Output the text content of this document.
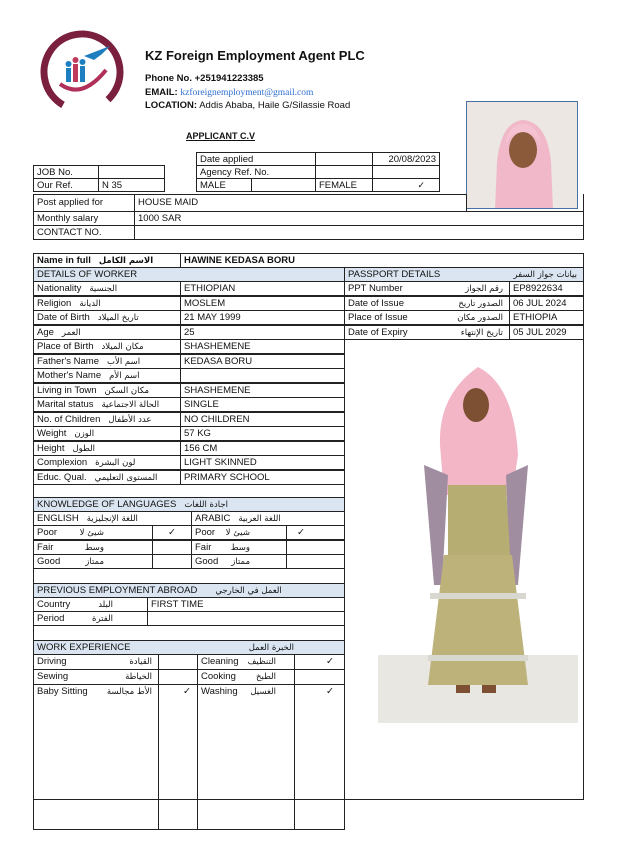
KZ Foreign Employment Agent PLC
Phone No. +251941223385
EMAIL: kzforeignemployment@gmail.com
LOCATION: Addis Ababa, Haile G/Silassie Road
APPLICANT C.V
Date applied	20/08/2023
JOB No.	Agency Ref. No.
Our Ref.	N 35	MALE	FEMALE	✓
Post applied for	HOUSE MAID
Monthly salary	1000 SAR
CONTACT NO.
Name in full الاسم الكامل	HAWINE KEDASA BORU
DETAILS OF WORKER
Nationality الجنسية	ETHIOPIAN
Religion الديانة	MOSLEM
Date of Birth تاريخ الميلاد	21 MAY 1999
Age العمر	25
Place of Birth مكان الميلاد	SHASHEMENE
Father's Name اسم الأب	KEDASA BORU
Mother's Name اسم الأم
Living in Town مكان السكن	SHASHEMENE
Marital status الحالة الاجتماعية	SINGLE
No. of Children عدد الأطفال	NO CHILDREN
Weight الوزن	57 KG
Height الطول	156 CM
Complexion لون البشرة	LIGHT SKINNED
Educ. Qual. المستوى التعليمي	PRIMARY SCHOOL
PASSPORT DETAILS	بيانات جواز السفر
PPT Number	رقم الجواز	EP8922634
Date of Issue	الصدور تاريخ	06 JUL 2024
Place of Issue	الصدور مكان	ETHIOPIA
Date of Expiry	تاريخ الإنتهاء	05 JUL 2029
KNOWLEDGE OF LANGUAGES اجادة اللغات
ENGLISH اللغة الإنجليزية	ARABIC اللغة العربية
Poor	شيئ لا	✓	Poor شيئ لا	✓
Fair	وسط	Fair وسط
Good	ممتاز	Good ممتاز
PREVIOUS EMPLOYMENT ABROAD العمل في الخارجي
Country	البلد	FIRST TIME
Period	الفترة
WORK EXPERIENCE	الخبرة العمل
Driving	القيادة	Cleaning التنظيف	✓
Sewing	الخياطة	Cooking الطبخ
Baby Sitting الأط مجالسة	✓	Washing الغسيل	✓
